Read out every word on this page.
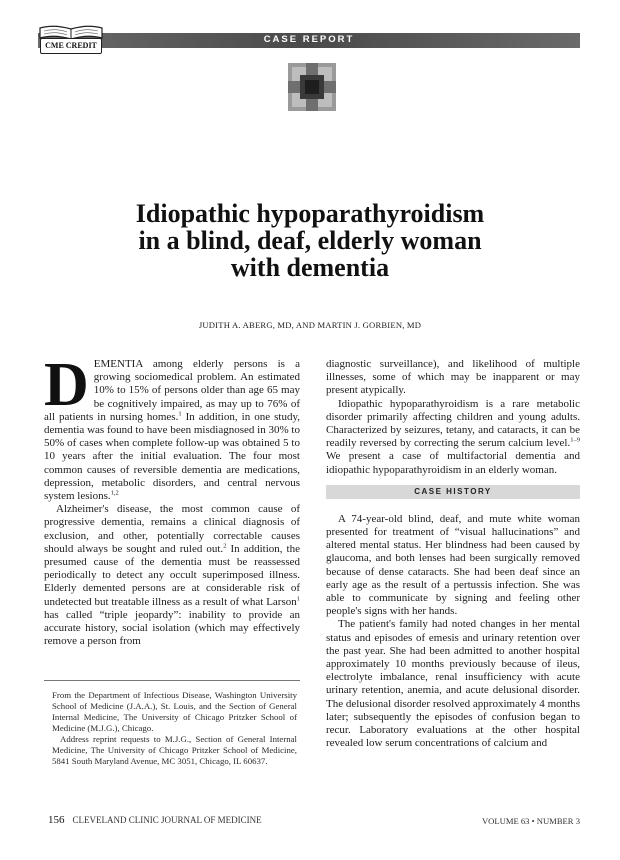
CASE REPORT
CME CREDIT
Idiopathic hypoparathyroidism
in a blind, deaf, elderly woman
with dementia
JUDITH A. ABERG, MD, AND MARTIN J. GORBIEN, MD

DEMENTIA among elderly persons is a growing sociomedical problem. An estimated 10% to 15% of persons older than age 65 may be cognitively impaired, as may up to 76% of all patients in nursing homes.$^1$ In addition, in one study, dementia was found to have been misdiagnosed in 30% to 50% of cases when complete follow-up was obtained 5 to 10 years after the initial evaluation. The four most common causes of reversible dementia are medications, depression, metabolic disorders, and central nervous system lesions.$^{1,2}$

Alzheimer's disease, the most common cause of progressive dementia, remains a clinical diagnosis of exclusion, and other, potentially correctable causes should always be sought and ruled out.$^2$ In addition, the presumed cause of the dementia must be reassessed periodically to detect any occult superimposed illness. Elderly demented persons are at considerable risk of undetected but treatable illness as a result of what Larson$^1$ has called “triple jeopardy”: inability to provide an accurate history, social isolation (which may effectively remove a person from

diagnostic surveillance), and likelihood of multiple illnesses, some of which may be inapparent or may present atypically.

Idiopathic hypoparathyroidism is a rare metabolic disorder primarily affecting children and young adults. Characterized by seizures, tetany, and cataracts, it can be readily reversed by correcting the serum calcium level.$^{1-9}$ We present a case of multifactorial dementia and idiopathic hypoparathyroidism in an elderly woman.

CASE HISTORY

A 74-year-old blind, deaf, and mute white woman presented for treatment of “visual hallucinations” and altered mental status. Her blindness had been caused by glaucoma, and both lenses had been surgically removed because of dense cataracts. She had been deaf since an early age as the result of a pertussis infection. She was able to communicate by signing and feeling other people's signs with her hands.

The patient's family had noted changes in her mental status and episodes of emesis and urinary retention over the past year. She had been admitted to another hospital approximately 10 months previously because of ileus, electrolyte imbalance, renal insufficiency with acute urinary retention, anemia, and acute delusional disorder. The delusional disorder resolved approximately 4 months later; subsequently the episodes of confusion began to recur. Laboratory evaluations at the other hospital revealed low serum concentrations of calcium and

From the Department of Infectious Disease, Washington University School of Medicine (J.A.A.), St. Louis, and the Section of General Internal Medicine, The University of Chicago Pritzker School of Medicine (M.J.G.), Chicago.

Address reprint requests to M.J.G., Section of General Internal Medicine, The University of Chicago Pritzker School of Medicine, 5841 South Maryland Avenue, MC 3051, Chicago, IL 60637.

156 CLEVELAND CLINIC JOURNAL OF MEDICINE	VOLUME 63 • NUMBER 3
